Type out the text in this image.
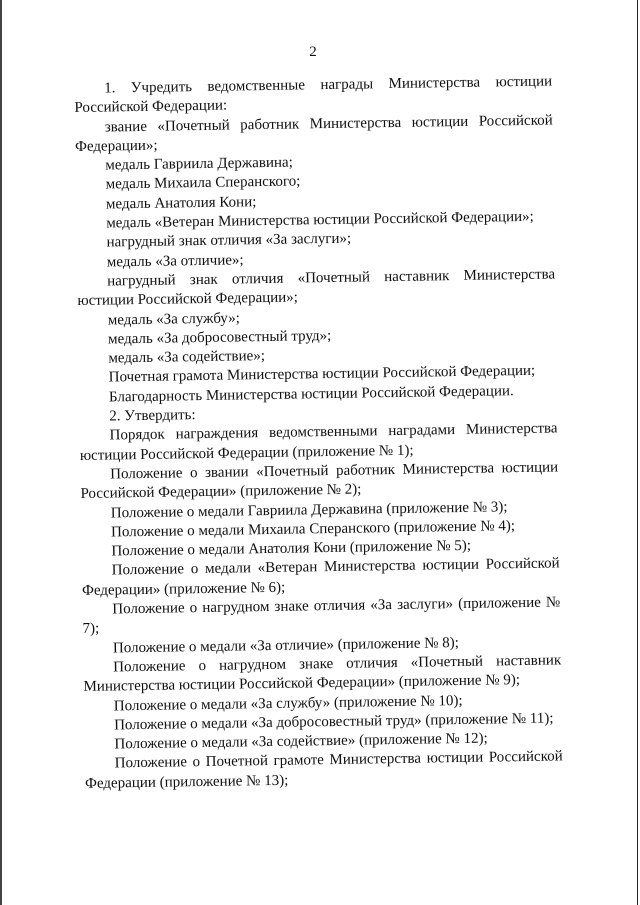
2

1. Учредить ведомственные награды Министерства юстиции Российской Федерации:

звание «Почетный работник Министерства юстиции Российской Федерации»;

медаль Гавриила Державина;

медаль Михаила Сперанского;

медаль Анатолия Кони;

медаль «Ветеран Министерства юстиции Российской Федерации»;

нагрудный знак отличия «За заслуги»;

медаль «За отличие»;

нагрудный знак отличия «Почетный наставник Министерства юстиции Российской Федерации»;

медаль «За службу»;

медаль «За добросовестный труд»;

медаль «За содействие»;

Почетная грамота Министерства юстиции Российской Федерации;

Благодарность Министерства юстиции Российской Федерации.

2. Утвердить:

Порядок награждения ведомственными наградами Министерства юстиции Российской Федерации (приложение № 1);

Положение о звании «Почетный работник Министерства юстиции Российской Федерации» (приложение № 2);

Положение о медали Гавриила Державина (приложение № 3);

Положение о медали Михаила Сперанского (приложение № 4);

Положение о медали Анатолия Кони (приложение № 5);

Положение о медали «Ветеран Министерства юстиции Российской Федерации» (приложение № 6);

Положение о нагрудном знаке отличия «За заслуги» (приложение № 7);

Положение о медали «За отличие» (приложение № 8);

Положение о нагрудном знаке отличия «Почетный наставник Министерства юстиции Российской Федерации» (приложение № 9);

Положение о медали «За службу» (приложение № 10);

Положение о медали «За добросовестный труд» (приложение № 11);

Положение о медали «За содействие» (приложение № 12);

Положение о Почетной грамоте Министерства юстиции Российской Федерации (приложение № 13);
